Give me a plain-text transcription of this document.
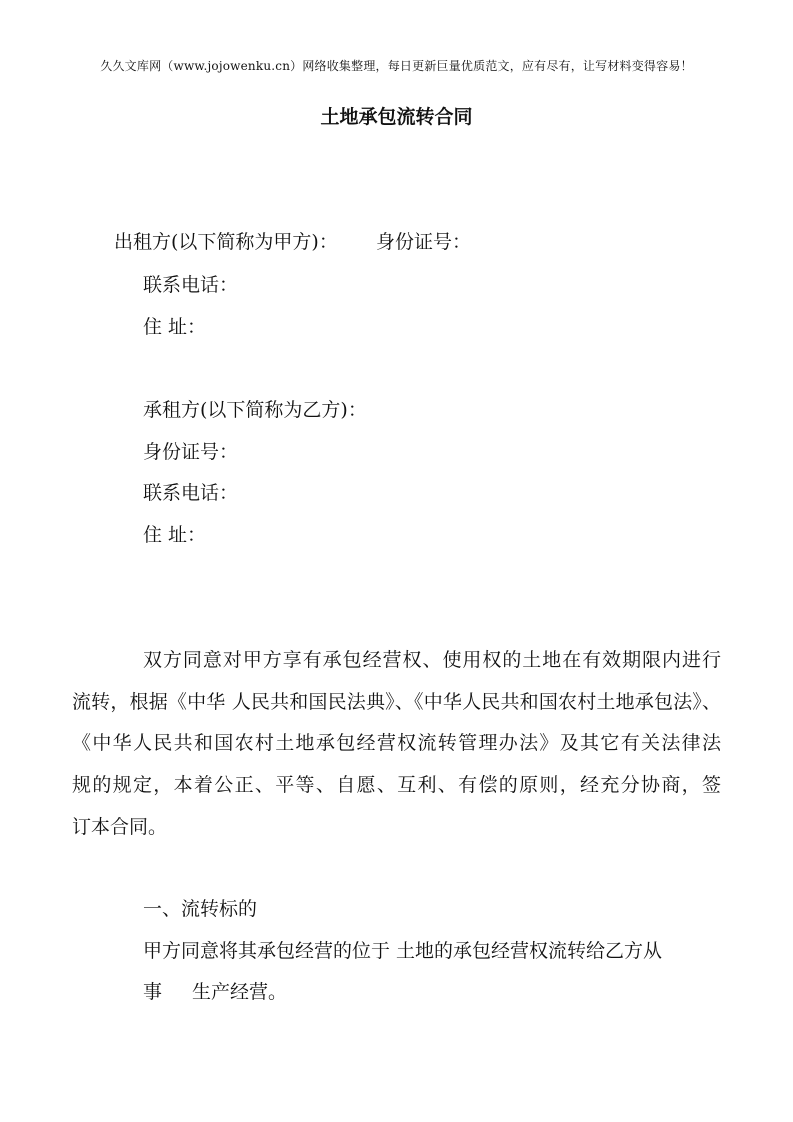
久久文库网（www.jojowenku.cn）网络收集整理，每日更新巨量优质范文，应有尽有，让写材料变得容易！
土地承包流转合同
出租方(以下简称为甲方)： 身份证号：
联系电话：
住 址：
承租方(以下简称为乙方)：
身份证号：
联系电话：
住 址：
双方同意对甲方享有承包经营权、使用权的土地在有效期限内进行
流转，根据《中华 人民共和国民法典》、《中华人民共和国农村土地承包法》、
《中华人民共和国农村土地承包经营权流转管理办法》及其它有关法律法
规的规定，本着公正、平等、自愿、互利、有偿的原则，经充分协商，签
订本合同。
一、流转标的
甲方同意将其承包经营的位于 土地的承包经营权流转给乙方从
事 生产经营。
